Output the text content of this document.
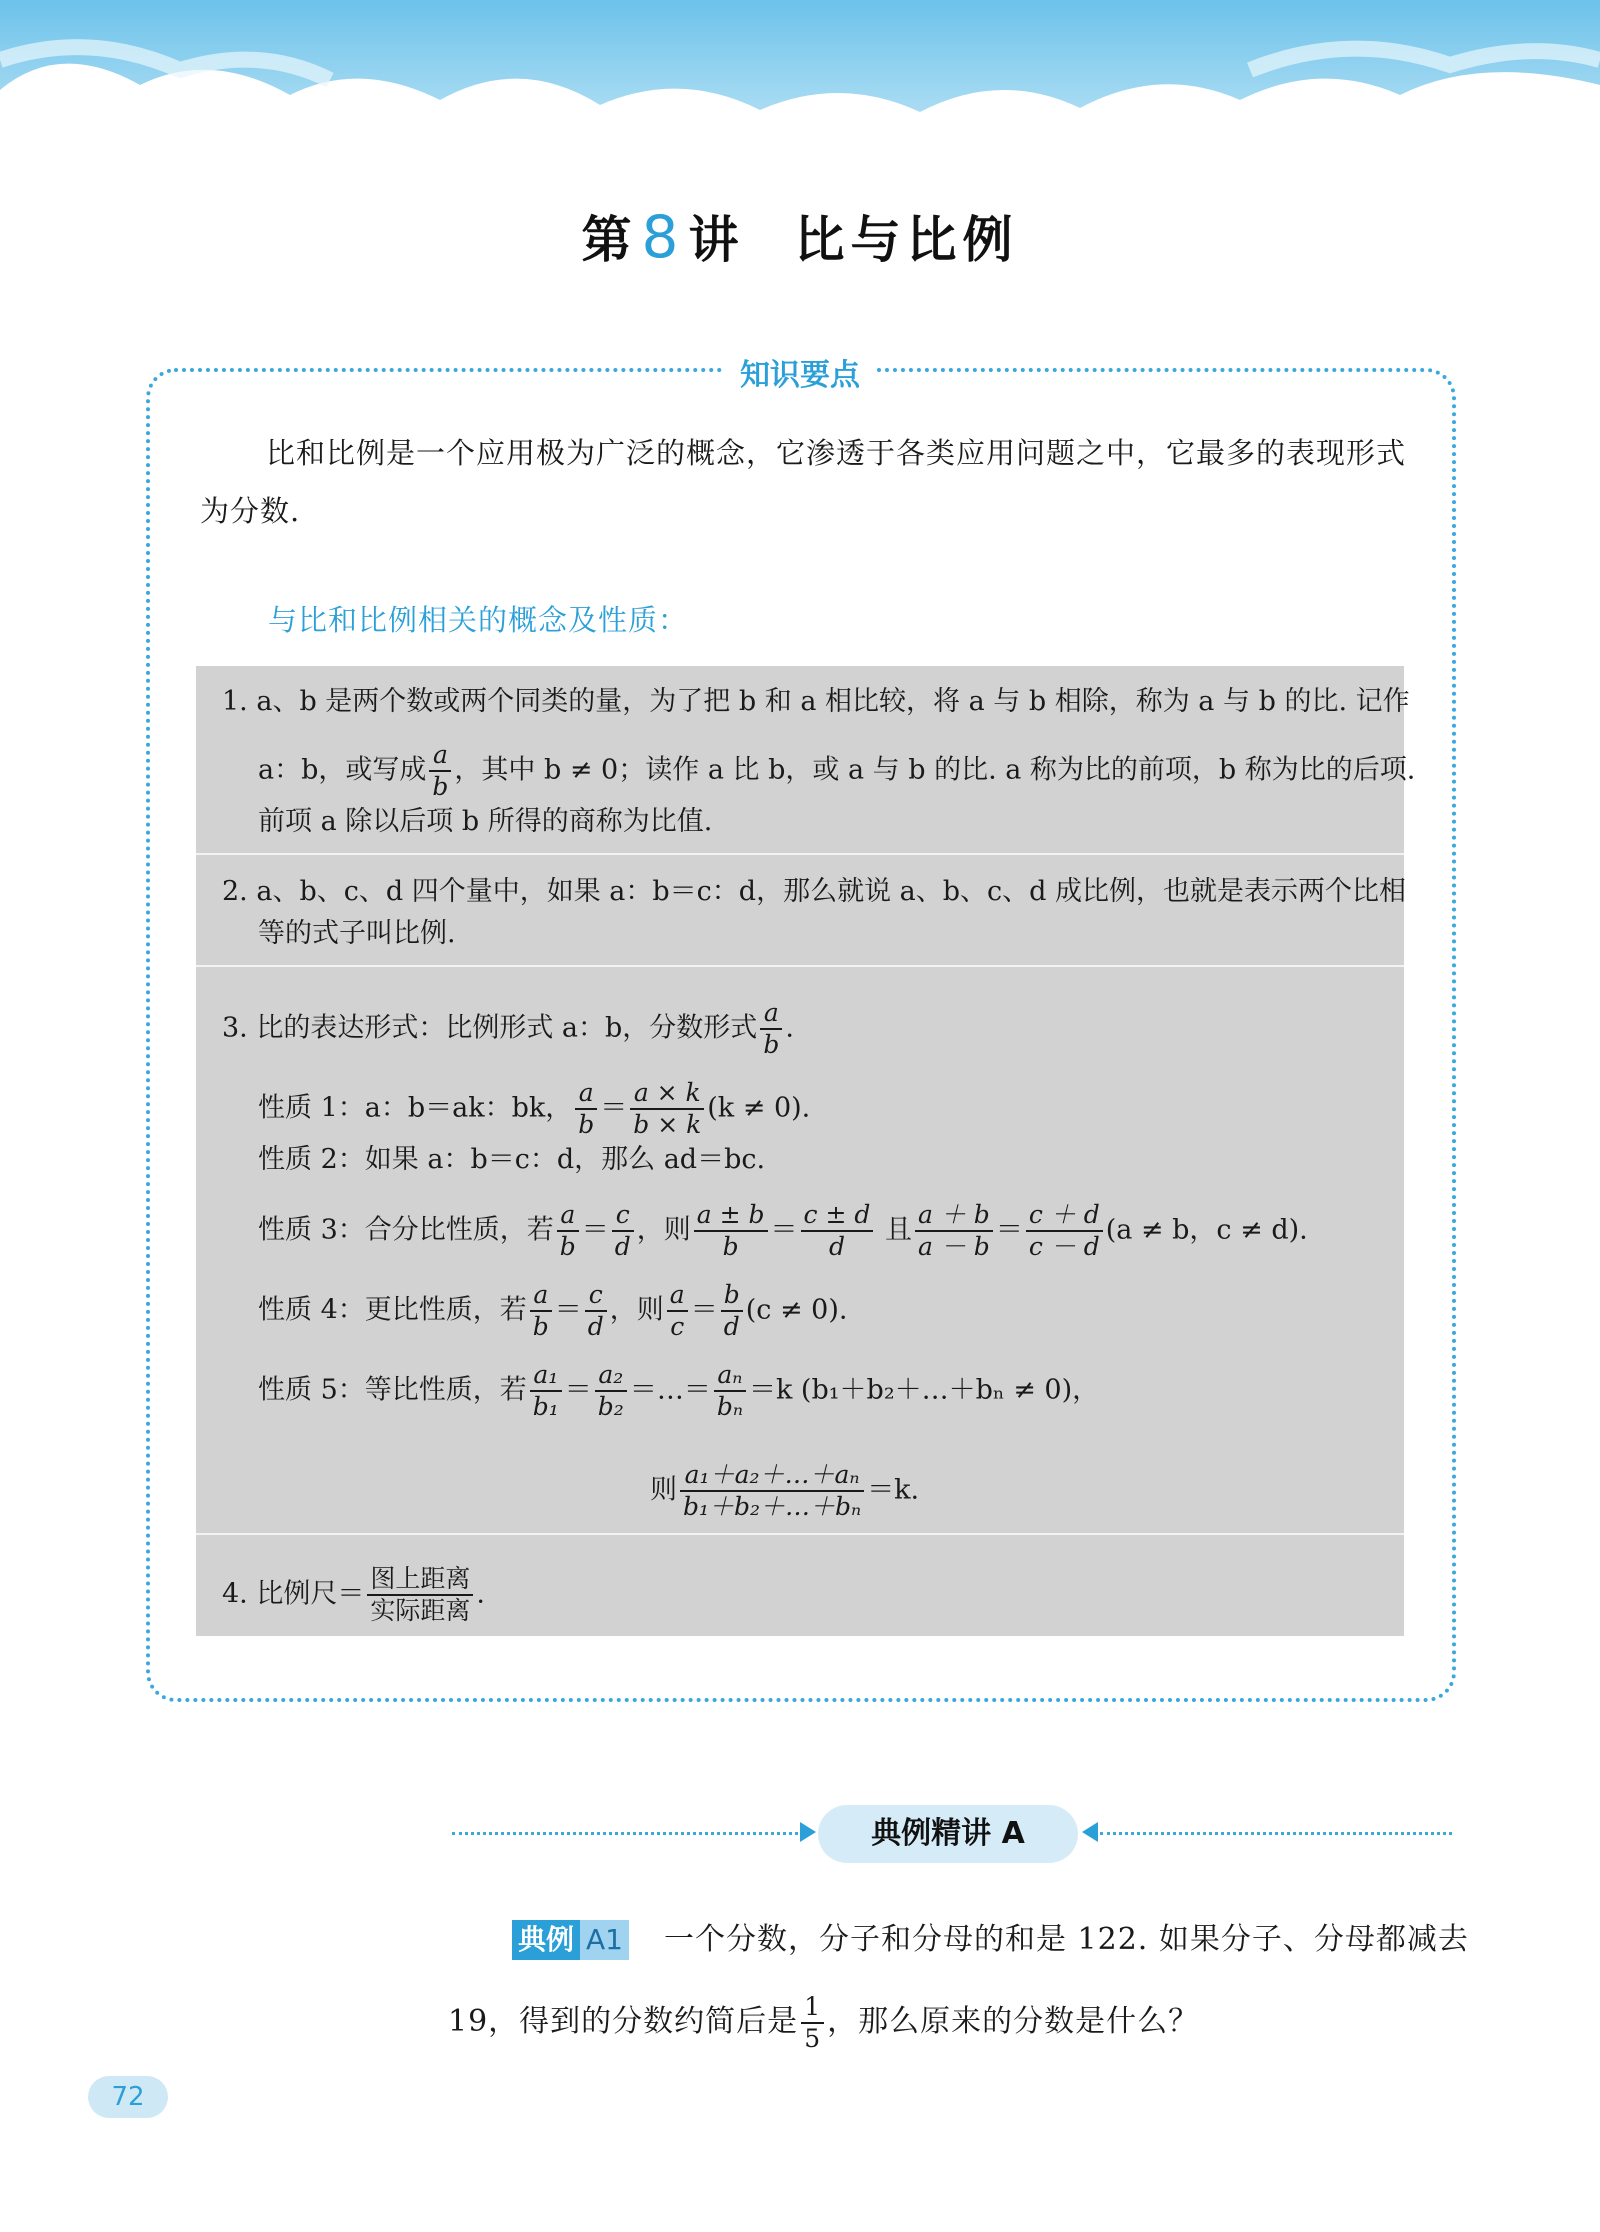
第8讲 比与比例
知识要点
比和比例是一个应用极为广泛的概念，它渗透于各类应用问题之中，它最多的表现形式为分数.
与比和比例相关的概念及性质：
1. a、b 是两个数或两个同类的量，为了把 b 和 a 相比较，将 a 与 b 相除，称为 a 与 b 的比. 记作
a：b，或写成 $\frac{a}{b}$ ，其中 b ≠ 0；读作 a 比 b，或 a 与 b 的比. a 称为比的前项，b 称为比的后项.
前项 a 除以后项 b 所得的商称为比值.
2. a、b、c、d 四个量中，如果 a：b＝c：d，那么就说 a、b、c、d 成比例，也就是表示两个比相
等的式子叫比例.
3. 比的表达形式：比例形式 a：b，分数形式 $\frac{a}{b}$ .
性质 1：a：b＝ak：bk， $\frac{a}{b} = \frac{a \times k}{b \times k} (k \ne 0)$.
性质 2：如果 a：b＝c：d，那么 ad＝bc.
性质 3：合分比性质，若 $\frac{a}{b} = \frac{c}{d}$ ，则 $\frac{a \pm b}{b} = \frac{c \pm d}{d}$ 且 $\frac{a + b}{a - b} = \frac{c + d}{c - d} (a \ne b$，c ≠ d).
性质 4：更比性质，若 $\frac{a}{b} = \frac{c}{d}$ ，则 $\frac{a}{c} = \frac{b}{d} (c \ne 0)$.
性质 5：等比性质，若 $\frac{\text{a₁}}{\text{b₁}} = \frac{\text{a₂}}{\text{b₂}}$ ＝…＝ $\frac{\text{aₙ}}{\text{bₙ}} =k$ (b₁＋b₂＋…＋bₙ ≠ 0)，
则 $\frac{\text{a₁＋a₂＋…＋aₙ}}{\text{b₁＋b₂＋…＋bₙ}} =k$.
4. 比例尺＝ $\frac{\text{图上距离}}{\text{实际距离}}$ .
典例精讲 A
典例 A1 一个分数，分子和分母的和是 122. 如果分子、分母都减去
19，得到的分数约简后是 $\frac{1}{5}$ ，那么原来的分数是什么？
72
